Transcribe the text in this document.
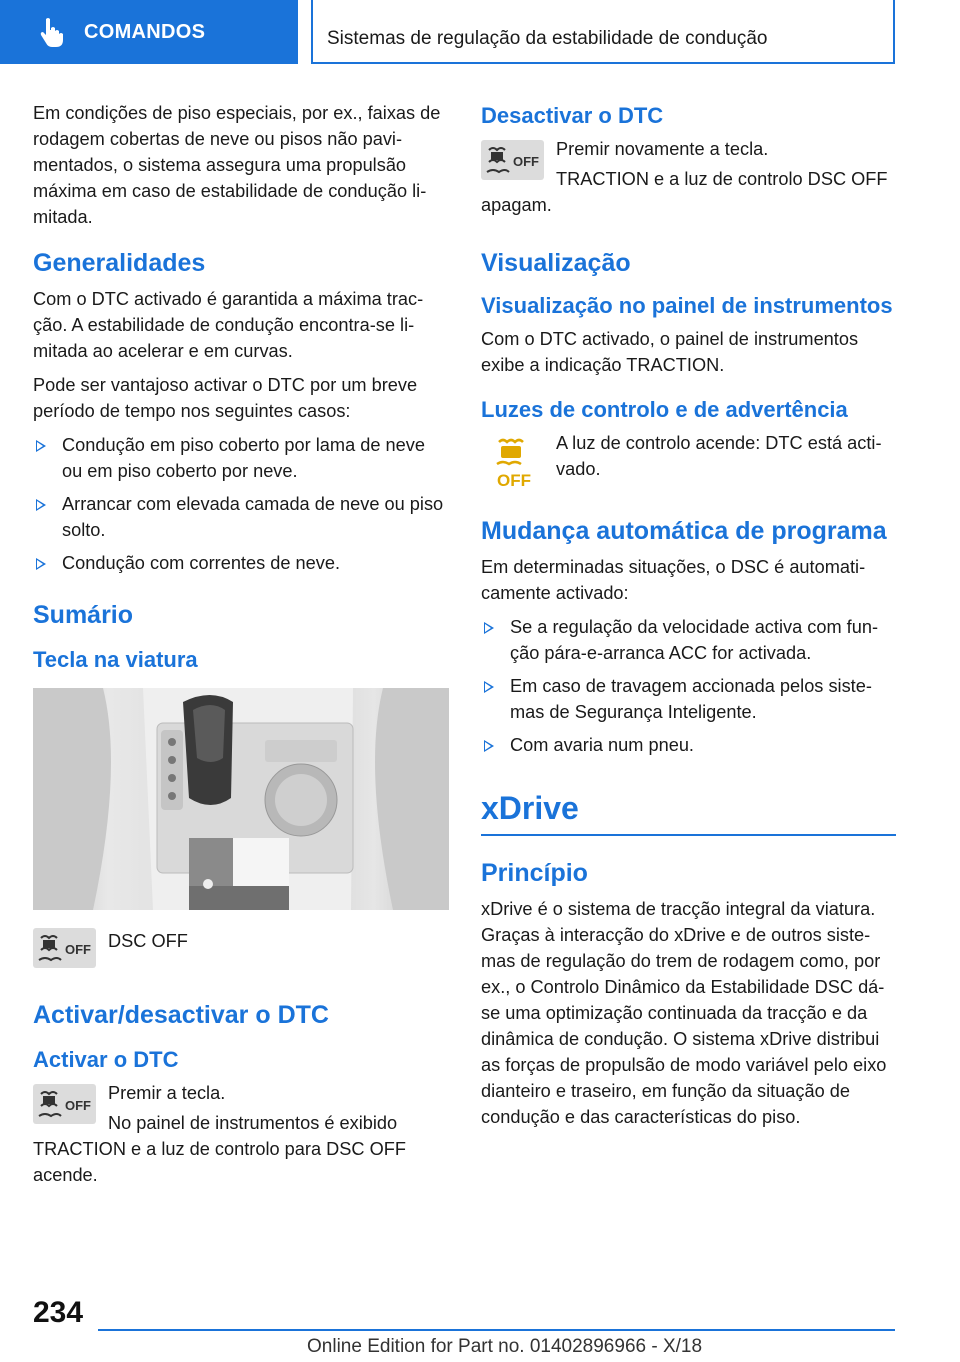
COMANDOS	Sistemas de regulação da estabilidade de condução

Em condições de piso especiais, por ex., faixas de rodagem cobertas de neve ou pisos não pavimentados, o sistema assegura uma propulsão máxima em caso de estabilidade de condução limitada.

Generalidades

Com o DTC activado é garantida a máxima tracção. A estabilidade de condução encontra-se limitada ao acelerar e em curvas.

Pode ser vantajoso activar o DTC por um breve período de tempo nos seguintes casos:

Condução em piso coberto por lama de neve ou em piso coberto por neve.
Arrancar com elevada camada de neve ou piso solto.
Condução com correntes de neve.
Sumário
Tecla na viatura
OFF DSC OFF

Activar/desactivar o DTC
Activar o DTC
OFF

Premir a tecla.

No painel de instrumentos é exibido TRACTION e a luz de controlo para DSC OFF acende.

Desactivar o DTC
OFF

Premir novamente a tecla.

TRACTION e a luz de controlo DSC OFF apagam.

Visualização
Visualização no painel de instrumentos

Com o DTC activado, o painel de instrumentos exibe a indicação TRACTION.

Luzes de controlo e de advertência
OFF

A luz de controlo acende: DTC está activado.

Mudança automática de programa

Em determinadas situações, o DSC é automaticamente activado:

Se a regulação da velocidade activa com função pára-e-arranca ACC for activada.
Em caso de travagem accionada pelos sistemas de Segurança Inteligente.
Com avaria num pneu.
xDrive
Princípio

xDrive é o sistema de tracção integral da viatura. Graças à interacção do xDrive e de outros sistemas de regulação do trem de rodagem como, por ex., o Controlo Dinâmico da Estabilidade DSC dá-se uma optimização continuada da tracção e da dinâmica de condução. O sistema xDrive distribui as forças de propulsão de modo variável pelo eixo dianteiro e traseiro, em função da situação de condução e das características do piso.

234
Online Edition for Part no. 01402896966 - X/18
